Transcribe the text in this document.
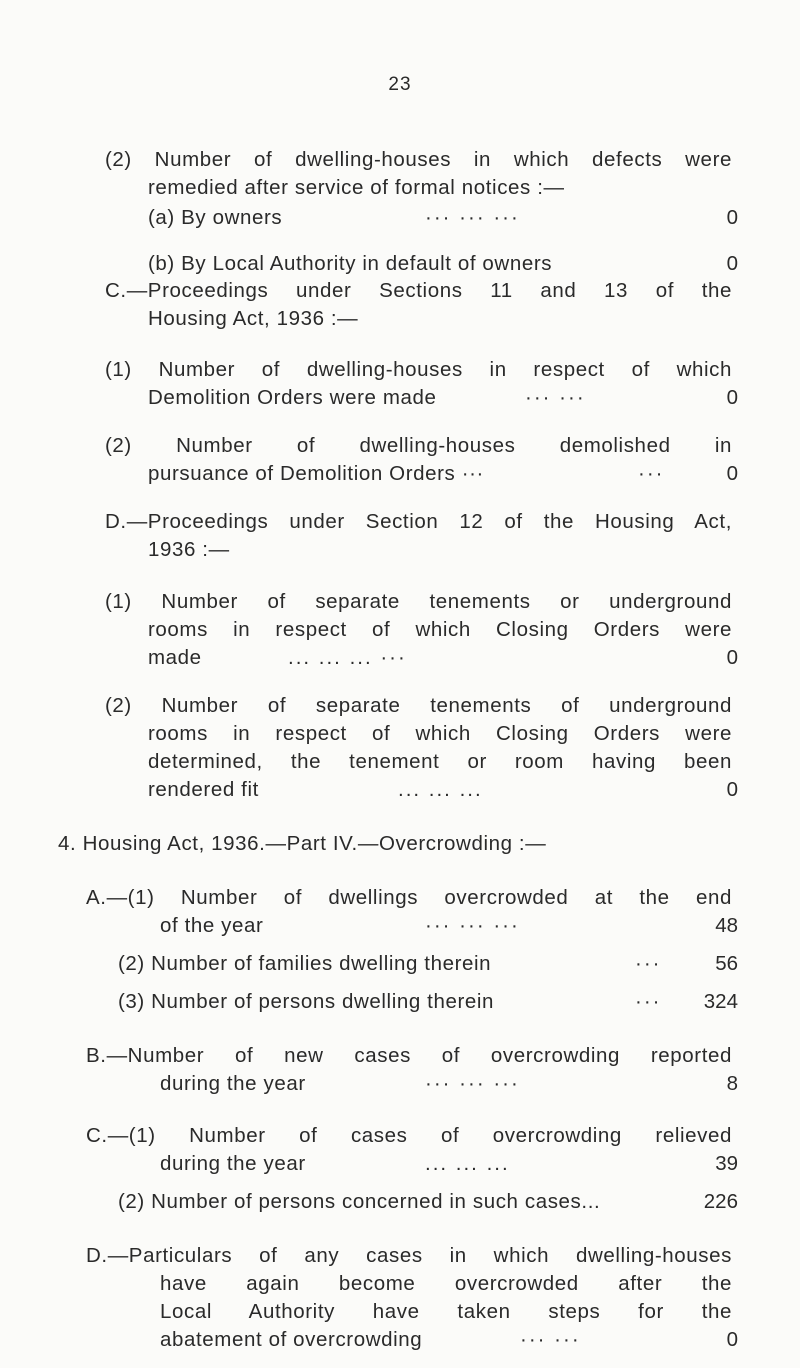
23
(2) Number of dwelling-houses in which defects were
remedied after service of formal notices :—
(a) By owners	··· ··· ···	0
(b) By Local Authority in default of owners	0
C.—Proceedings under Sections 11 and 13 of the
Housing Act, 1936 :—
(1) Number of dwelling-houses in respect of which
Demolition Orders were made	··· ···	0
(2) Number of dwelling-houses demolished in
pursuance of Demolition Orders ···	···	0
D.—Proceedings under Section 12 of the Housing Act,
1936 :—
(1) Number of separate tenements or underground
rooms in respect of which Closing Orders were
made	... ... ... ···	0
(2) Number of separate tenements of underground
rooms in respect of which Closing Orders were
determined, the tenement or room having been
rendered fit	... ... ...	0
4. Housing Act, 1936.—Part IV.—Overcrowding :—
A.—(1) Number of dwellings overcrowded at the end
of the year	··· ··· ···	48
(2) Number of families dwelling therein	···	56
(3) Number of persons dwelling therein	···	324
B.—Number of new cases of overcrowding reported
during the year	··· ··· ···	8
C.—(1) Number of cases of overcrowding relieved
during the year	... ... ...	39
(2) Number of persons concerned in such cases...	226
D.—Particulars of any cases in which dwelling-houses
have again become overcrowded after the
Local Authority have taken steps for the
abatement of overcrowding	··· ···	0
